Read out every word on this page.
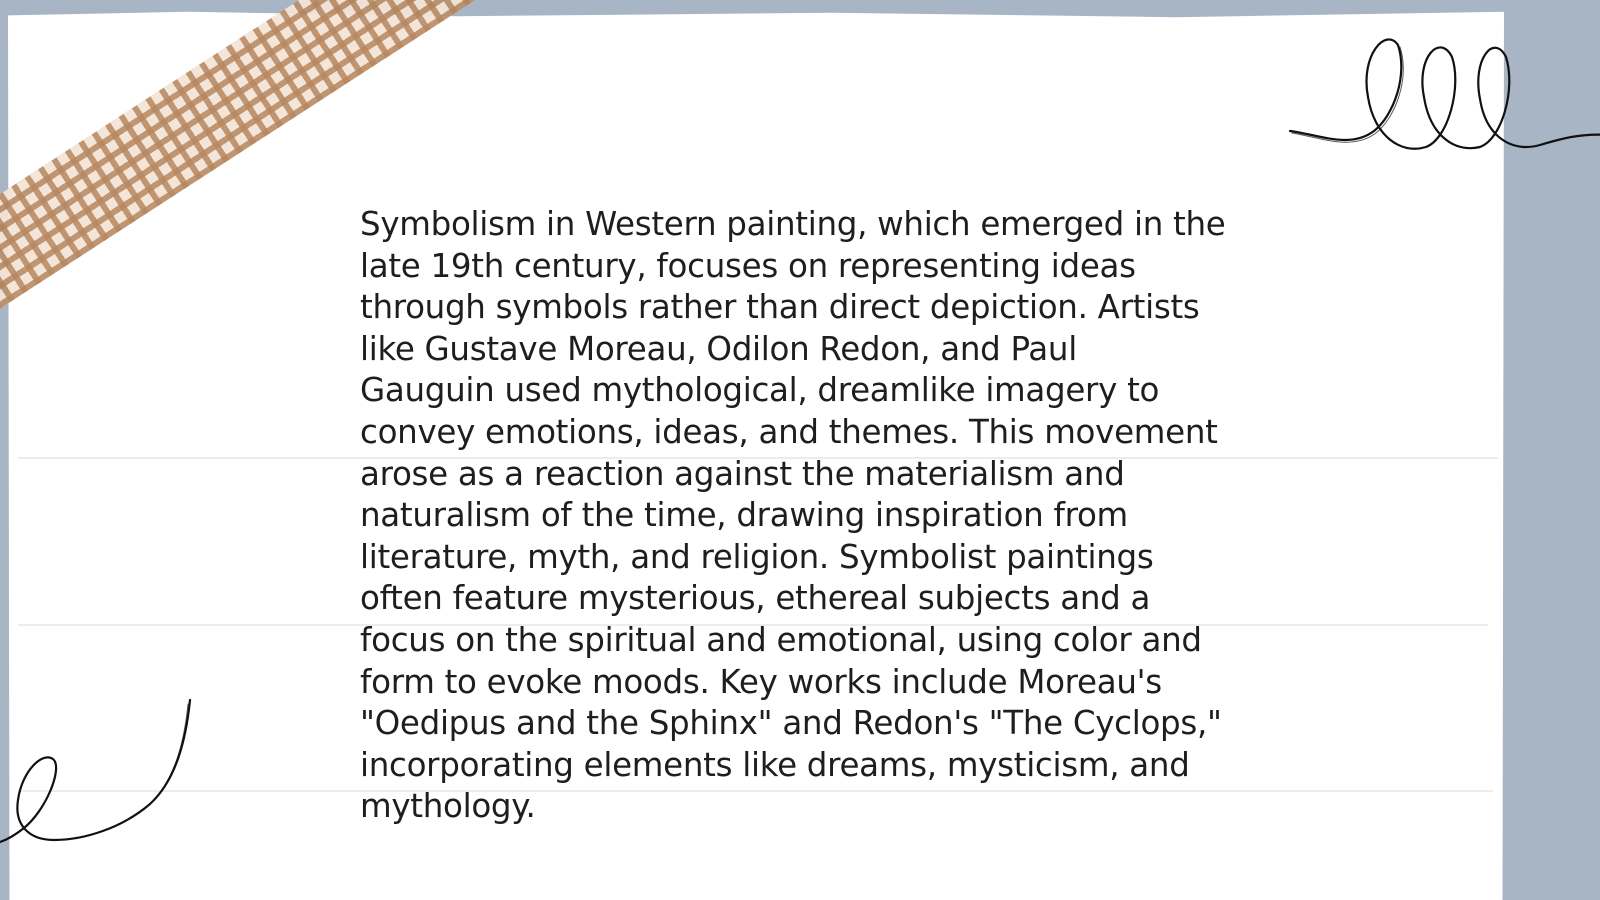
Symbolism in Western painting, which emerged in the
late 19th century, focuses on representing ideas
through symbols rather than direct depiction. Artists
like Gustave Moreau, Odilon Redon, and Paul
Gauguin used mythological, dreamlike imagery to
convey emotions, ideas, and themes. This movement
arose as a reaction against the materialism and
naturalism of the time, drawing inspiration from
literature, myth, and religion. Symbolist paintings
often feature mysterious, ethereal subjects and a
focus on the spiritual and emotional, using color and
form to evoke moods. Key works include Moreau's
"Oedipus and the Sphinx" and Redon's "The Cyclops,"
incorporating elements like dreams, mysticism, and
mythology.
